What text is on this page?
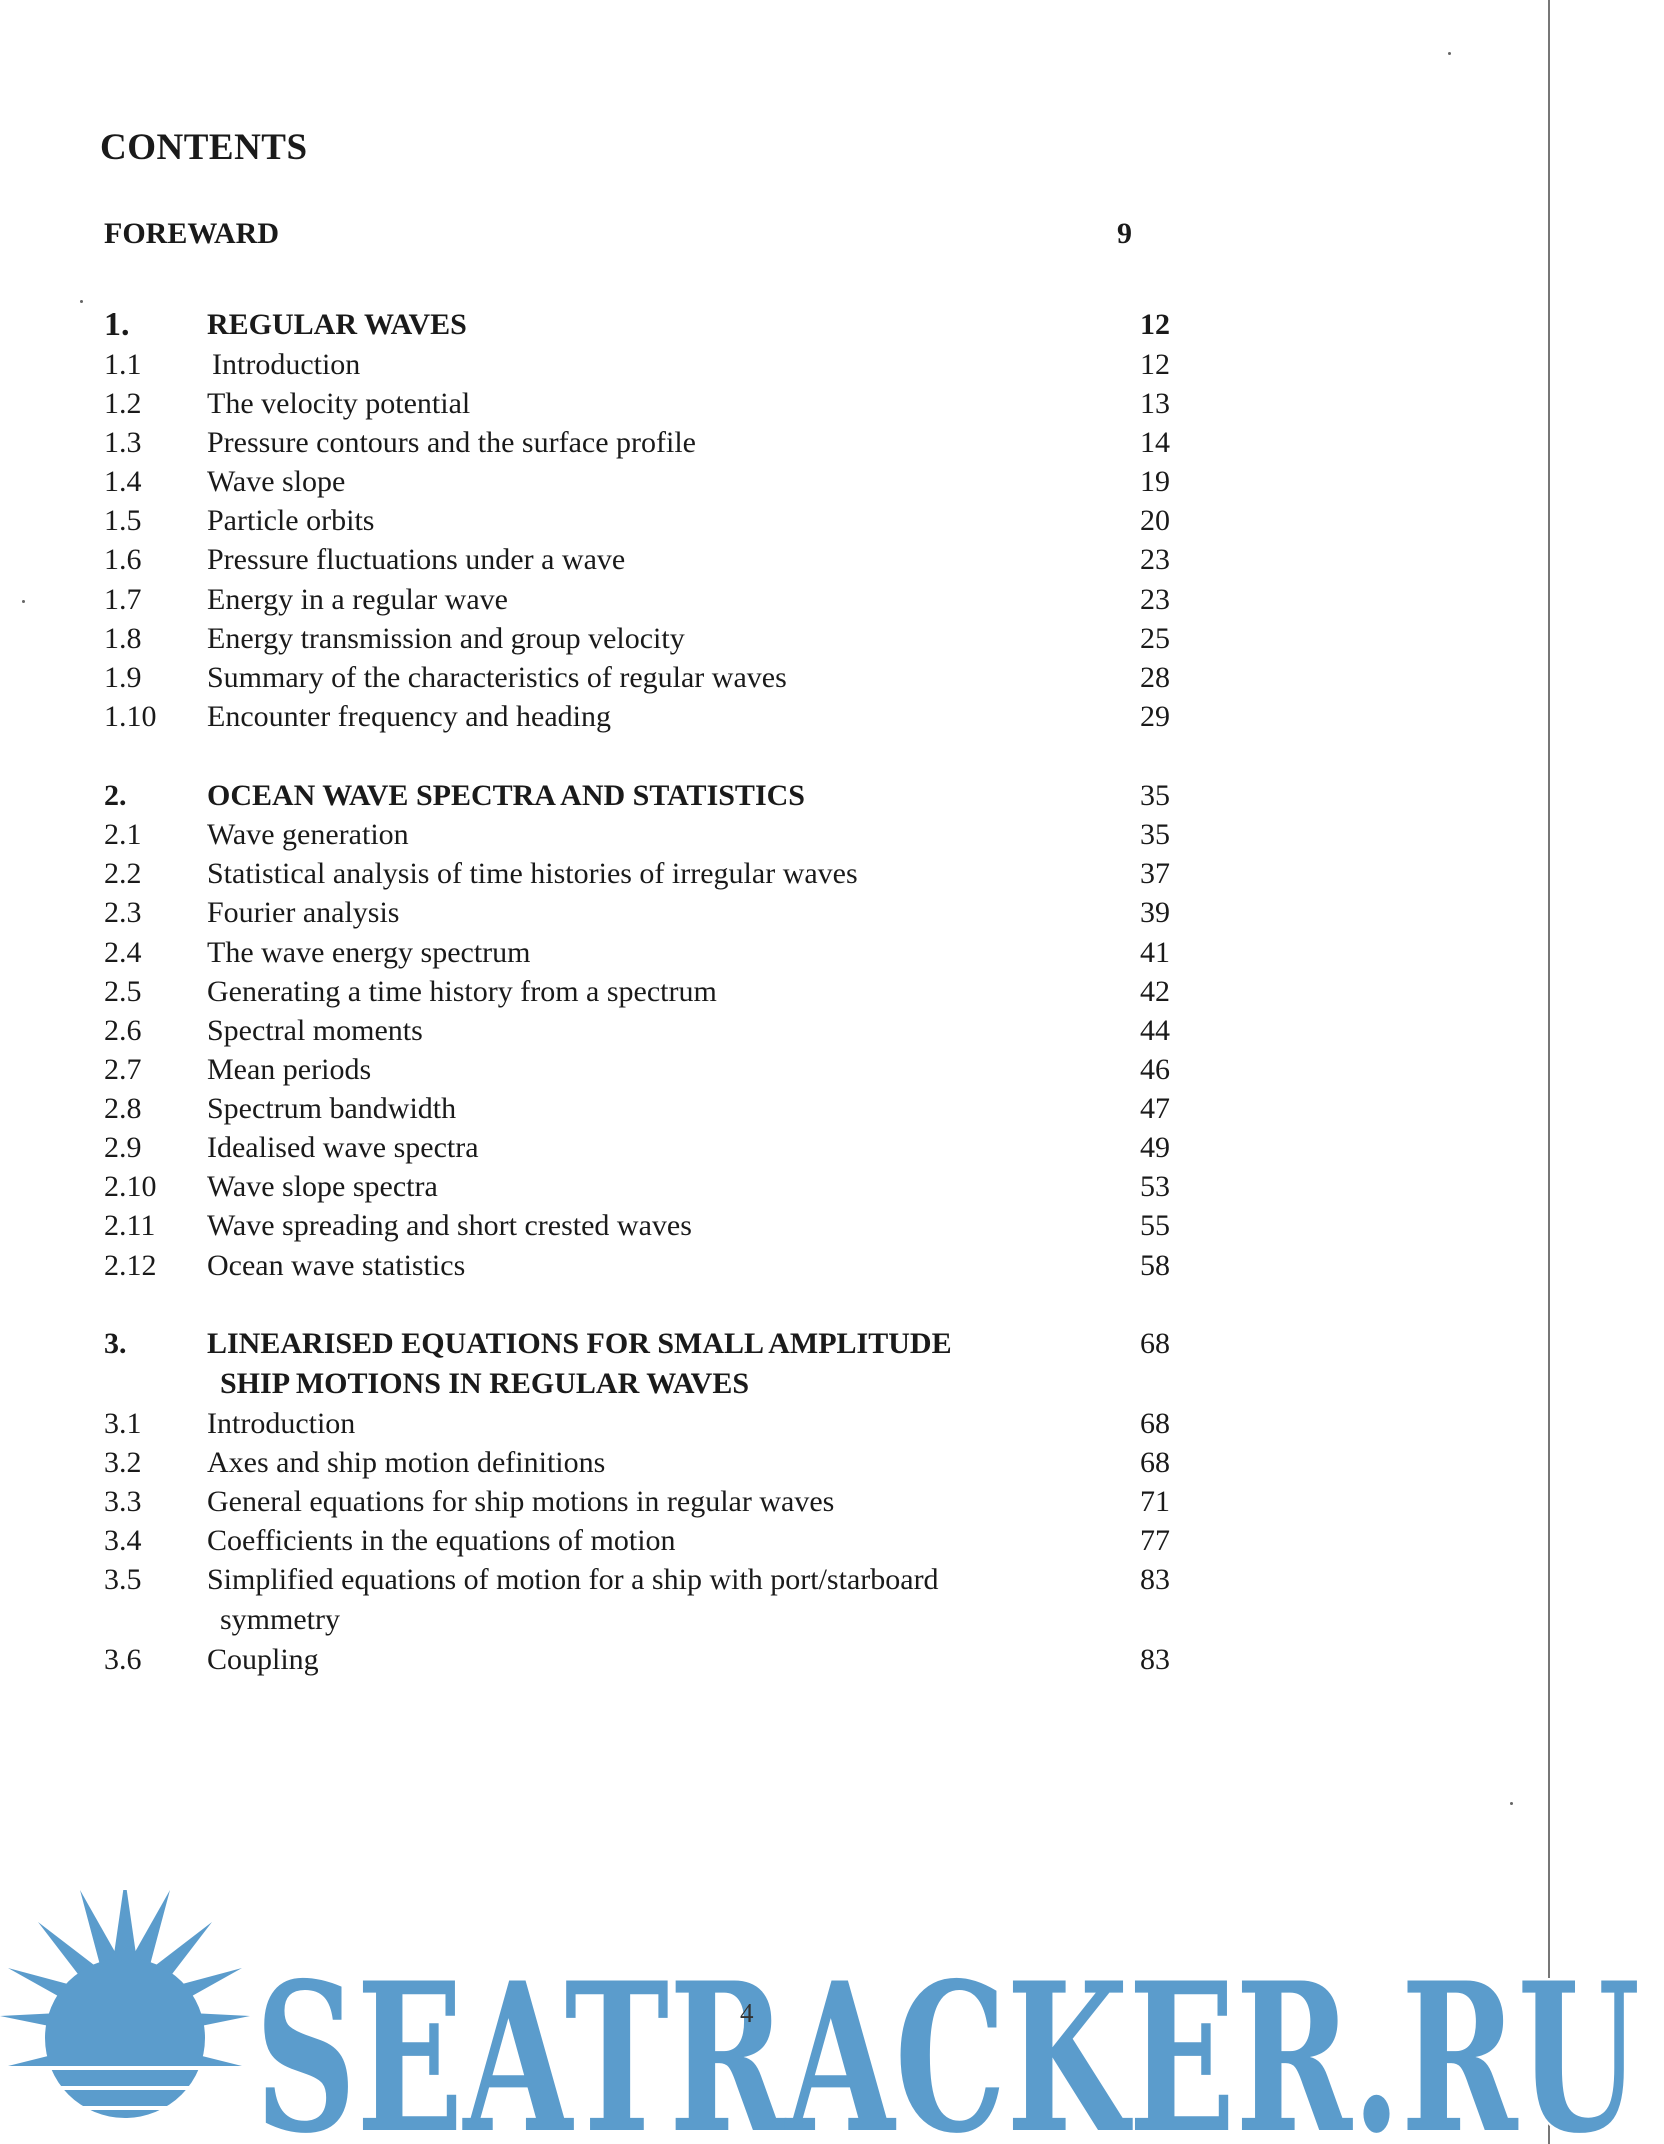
CONTENTS
FOREWARD	9
1.	REGULAR WAVES	12
1.1 Introduction	12
1.2 The velocity potential	13
1.3 Pressure contours and the surface profile	14
1.4 Wave slope	19
1.5 Particle orbits	20
1.6 Pressure fluctuations under a wave	23
1.7 Energy in a regular wave	23
1.8 Energy transmission and group velocity	25
1.9 Summary of the characteristics of regular waves	28
1.10 Encounter frequency and heading	29
2.	OCEAN WAVE SPECTRA AND STATISTICS	35
2.1 Wave generation	35
2.2 Statistical analysis of time histories of irregular waves	37
2.3 Fourier analysis	39
2.4 The wave energy spectrum	41
2.5 Generating a time history from a spectrum	42
2.6 Spectral moments	44
2.7 Mean periods	46
2.8 Spectrum bandwidth	47
2.9 Idealised wave spectra	49
2.10 Wave slope spectra	53
2.11 Wave spreading and short crested waves	55
2.12 Ocean wave statistics	58
3.	LINEARISED EQUATIONS FOR SMALL AMPLITUDE	68
SHIP MOTIONS IN REGULAR WAVES
3.1 Introduction	68
3.2 Axes and ship motion definitions	68
3.3 General equations for ship motions in regular waves	71
3.4 Coefficients in the equations of motion	77
3.5 Simplified equations of motion for a ship with port/starboard	83
symmetry
3.6 Coupling	83
SEATRACKER.RU
4
